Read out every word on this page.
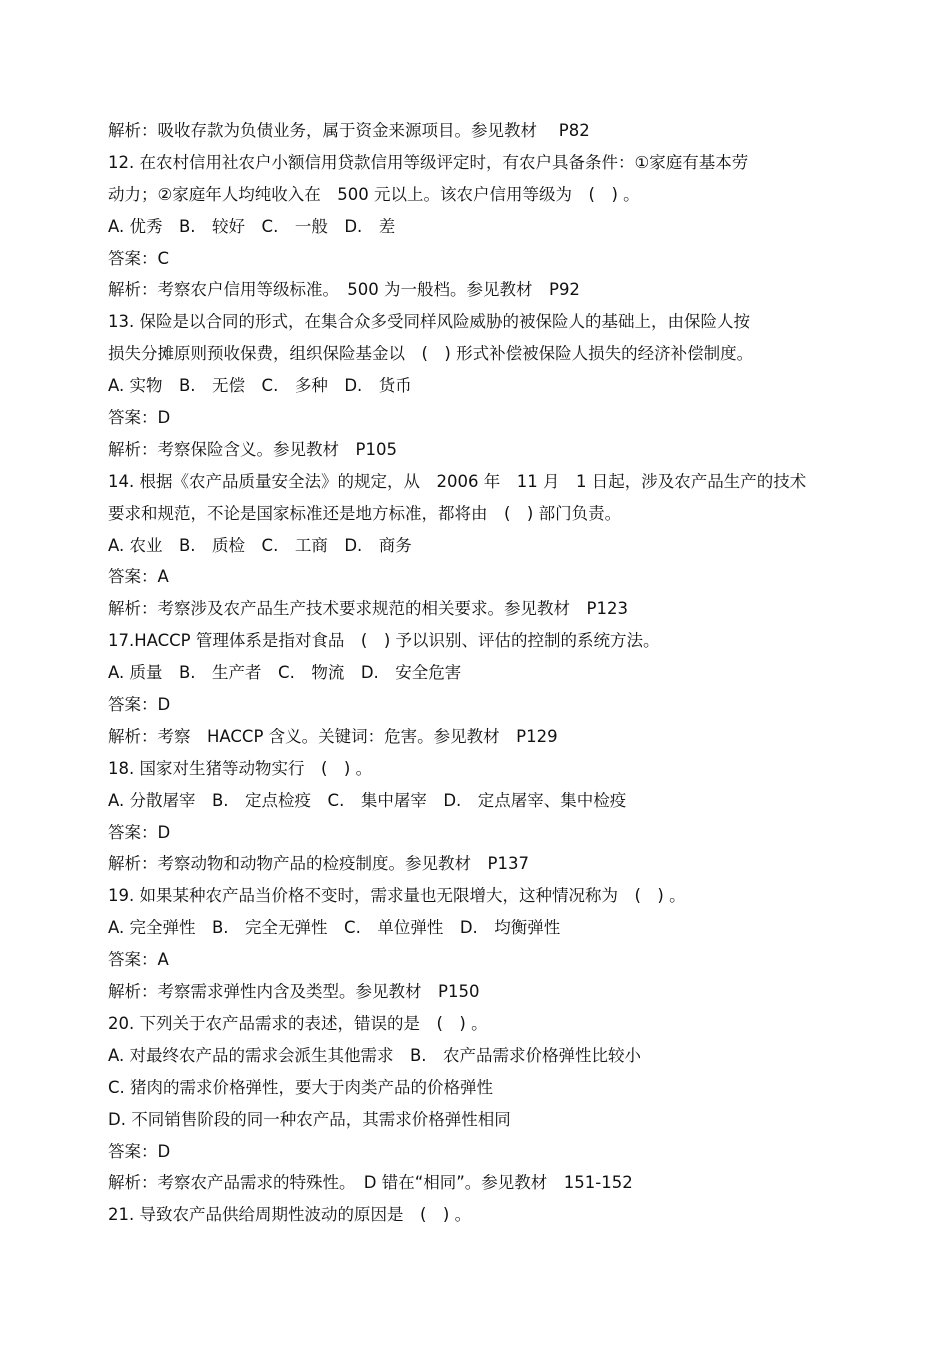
解析：吸收存款为负债业务，属于资金来源项目。参见教材　 P82
12. 在农村信用社农户小额信用贷款信用等级评定时，有农户具备条件：①家庭有基本劳
动力；②家庭年人均纯收入在　500 元以上。该农户信用等级为　(　) 。
A. 优秀　B.　较好　C.　一般　D.　差
答案：C
解析：考察农户信用等级标准。　500 为一般档。参见教材　P92
13. 保险是以合同的形式，在集合众多受同样风险威胁的被保险人的基础上，由保险人按
损失分摊原则预收保费，组织保险基金以　(　) 形式补偿被保险人损失的经济补偿制度。
A. 实物　B.　无偿　C.　多种　D.　货币
答案：D
解析：考察保险含义。参见教材　P105
14. 根据《农产品质量安全法》的规定，从　2006 年　11 月　1 日起，涉及农产品生产的技术
要求和规范，不论是国家标准还是地方标准，都将由　(　) 部门负责。
A. 农业　B.　质检　C.　工商　D.　商务
答案：A
解析：考察涉及农产品生产技术要求规范的相关要求。参见教材　P123
17.HACCP 管理体系是指对食品　(　) 予以识别、评估的控制的系统方法。
A. 质量　B.　生产者　C.　物流　D.　安全危害
答案：D
解析：考察　HACCP 含义。关键词：危害。参见教材　P129
18. 国家对生猪等动物实行　(　) 。
A. 分散屠宰　B.　定点检疫　C.　集中屠宰　D.　定点屠宰、集中检疫
答案：D
解析：考察动物和动物产品的检疫制度。参见教材　P137
19. 如果某种农产品当价格不变时，需求量也无限增大，这种情况称为　(　) 。
A. 完全弹性　B.　完全无弹性　C.　单位弹性　D.　均衡弹性
答案：A
解析：考察需求弹性内含及类型。参见教材　P150
20. 下列关于农产品需求的表述，错误的是　(　) 。
A. 对最终农产品的需求会派生其他需求　B.　农产品需求价格弹性比较小
C. 猪肉的需求价格弹性，要大于肉类产品的价格弹性
D. 不同销售阶段的同一种农产品，其需求价格弹性相同
答案：D
解析：考察农产品需求的特殊性。　D 错在“相同”。参见教材　151-152
21. 导致农产品供给周期性波动的原因是　(　) 。
